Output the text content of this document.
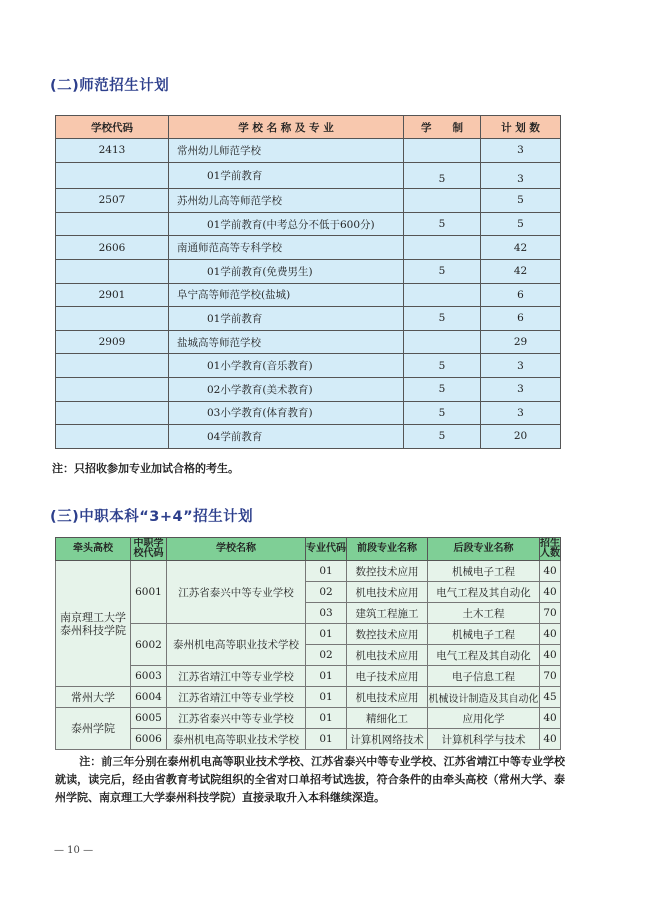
(二)师范招生计划
学校代码	学 校 名 称 及 专 业	学　　制	计 划 数
2413	常州幼儿师范学校		3
	01学前教育	5	3
2507	苏州幼儿高等师范学校		5
	01学前教育(中考总分不低于600分)	5	5
2606	南通师范高等专科学校		42
	01学前教育(免费男生)	5	42
2901	阜宁高等师范学校(盐城)		6
	01学前教育	5	6
2909	盐城高等师范学校		29
	01小学教育(音乐教育)	5	3
	02小学教育(美术教育)	5	3
	03小学教育(体育教育)	5	3
	04学前教育	5	20
注：只招收参加专业加试合格的考生。
(三)中职本科“3+4”招生计划
牵头高校	中职学校代码	学校名称	专业代码	前段专业名称	后段专业名称	招生人数
南京理工大学泰州科技学院	6001	江苏省泰兴中等专业学校	01	数控技术应用	机械电子工程	40
			02	机电技术应用	电气工程及其自动化	40
			03	建筑工程施工	土木工程	70
	6002	泰州机电高等职业技术学校	01	数控技术应用	机械电子工程	40
			02	机电技术应用	电气工程及其自动化	40
	6003	江苏省靖江中等专业学校	01	电子技术应用	电子信息工程	70
常州大学	6004	江苏省靖江中等专业学校	01	机电技术应用	机械设计制造及其自动化	45
泰州学院	6005	江苏省泰兴中等专业学校	01	精细化工	应用化学	40
	6006	泰州机电高等职业技术学校	01	计算机网络技术	计算机科学与技术	40
注：前三年分别在泰州机电高等职业技术学校、江苏省泰兴中等专业学校、江苏省靖江中等专业学校就读，读完后，经由省教育考试院组织的全省对口单招考试选拔，符合条件的由牵头高校（常州大学、泰州学院、南京理工大学泰州科技学院）直接录取升入本科继续深造。
— 10 —
